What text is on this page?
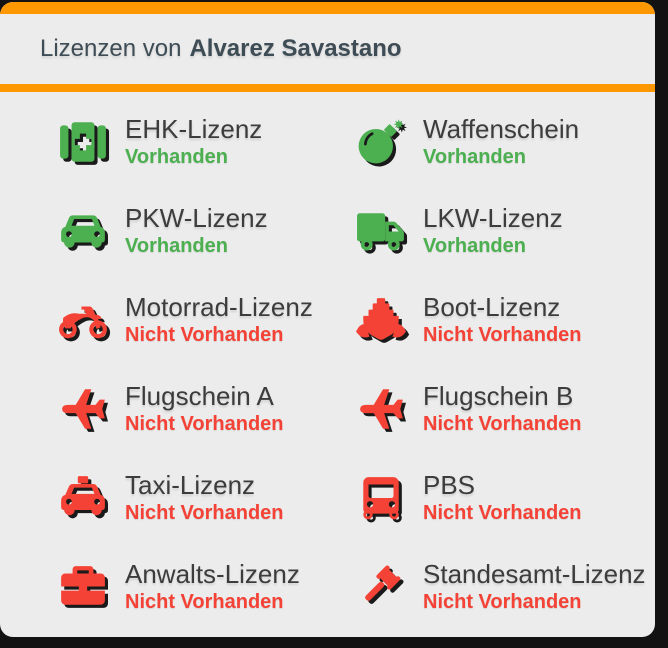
Lizenzen von Alvarez Savastano
EHK-Lizenz
Vorhanden
Waffenschein
Vorhanden
PKW-Lizenz
Vorhanden
LKW-Lizenz
Vorhanden
Motorrad-Lizenz
Nicht Vorhanden
Boot-Lizenz
Nicht Vorhanden
Flugschein A
Nicht Vorhanden
Flugschein B
Nicht Vorhanden
Taxi-Lizenz
Nicht Vorhanden
PBS
Nicht Vorhanden
Anwalts-Lizenz
Nicht Vorhanden
Standesamt-Lizenz
Nicht Vorhanden
